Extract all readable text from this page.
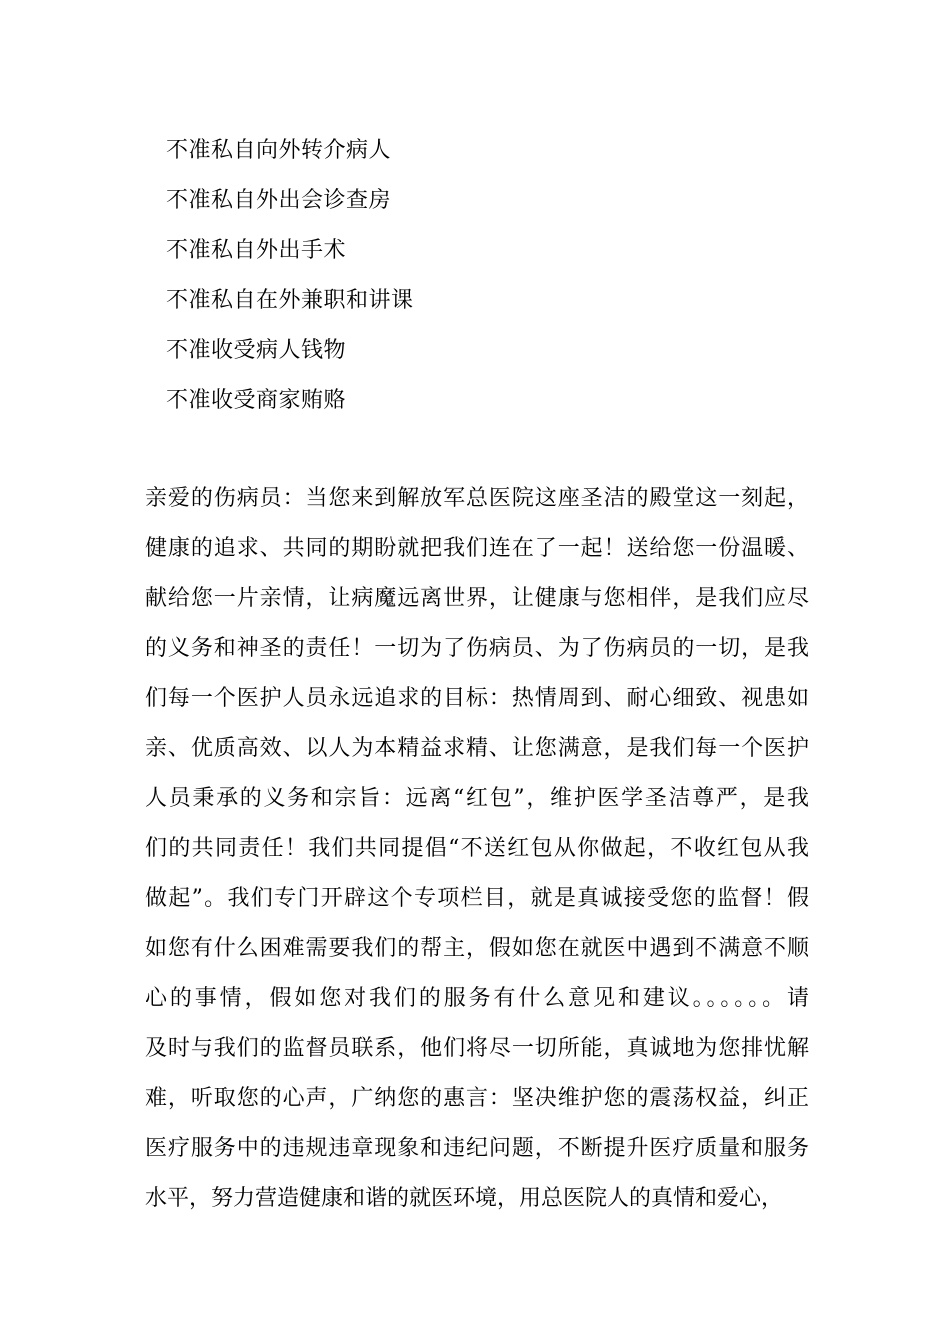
不准私自向外转介病人
不准私自外出会诊查房
不准私自外出手术
不准私自在外兼职和讲课
不准收受病人钱物
不准收受商家贿赂
亲爱的伤病员：当您来到解放军总医院这座圣洁的殿堂这一刻起，
健康的追求、共同的期盼就把我们连在了一起！送给您一份温暖、
献给您一片亲情，让病魔远离世界，让健康与您相伴，是我们应尽
的义务和神圣的责任！一切为了伤病员、为了伤病员的一切，是我
们每一个医护人员永远追求的目标：热情周到、耐心细致、视患如
亲、优质高效、以人为本精益求精、让您满意，是我们每一个医护
人员秉承的义务和宗旨：远离“红包”，维护医学圣洁尊严，是我
们的共同责任！我们共同提倡“不送红包从你做起，不收红包从我
做起”。我们专门开辟这个专项栏目，就是真诚接受您的监督！假
如您有什么困难需要我们的帮主，假如您在就医中遇到不满意不顺
心的事情，假如您对我们的服务有什么意见和建议。。。。。。请
及时与我们的监督员联系，他们将尽一切所能，真诚地为您排忧解
难，听取您的心声，广纳您的惠言：坚决维护您的震荡权益，纠正
医疗服务中的违规违章现象和违纪问题，不断提升医疗质量和服务
水平，努力营造健康和谐的就医环境，用总医院人的真情和爱心，
